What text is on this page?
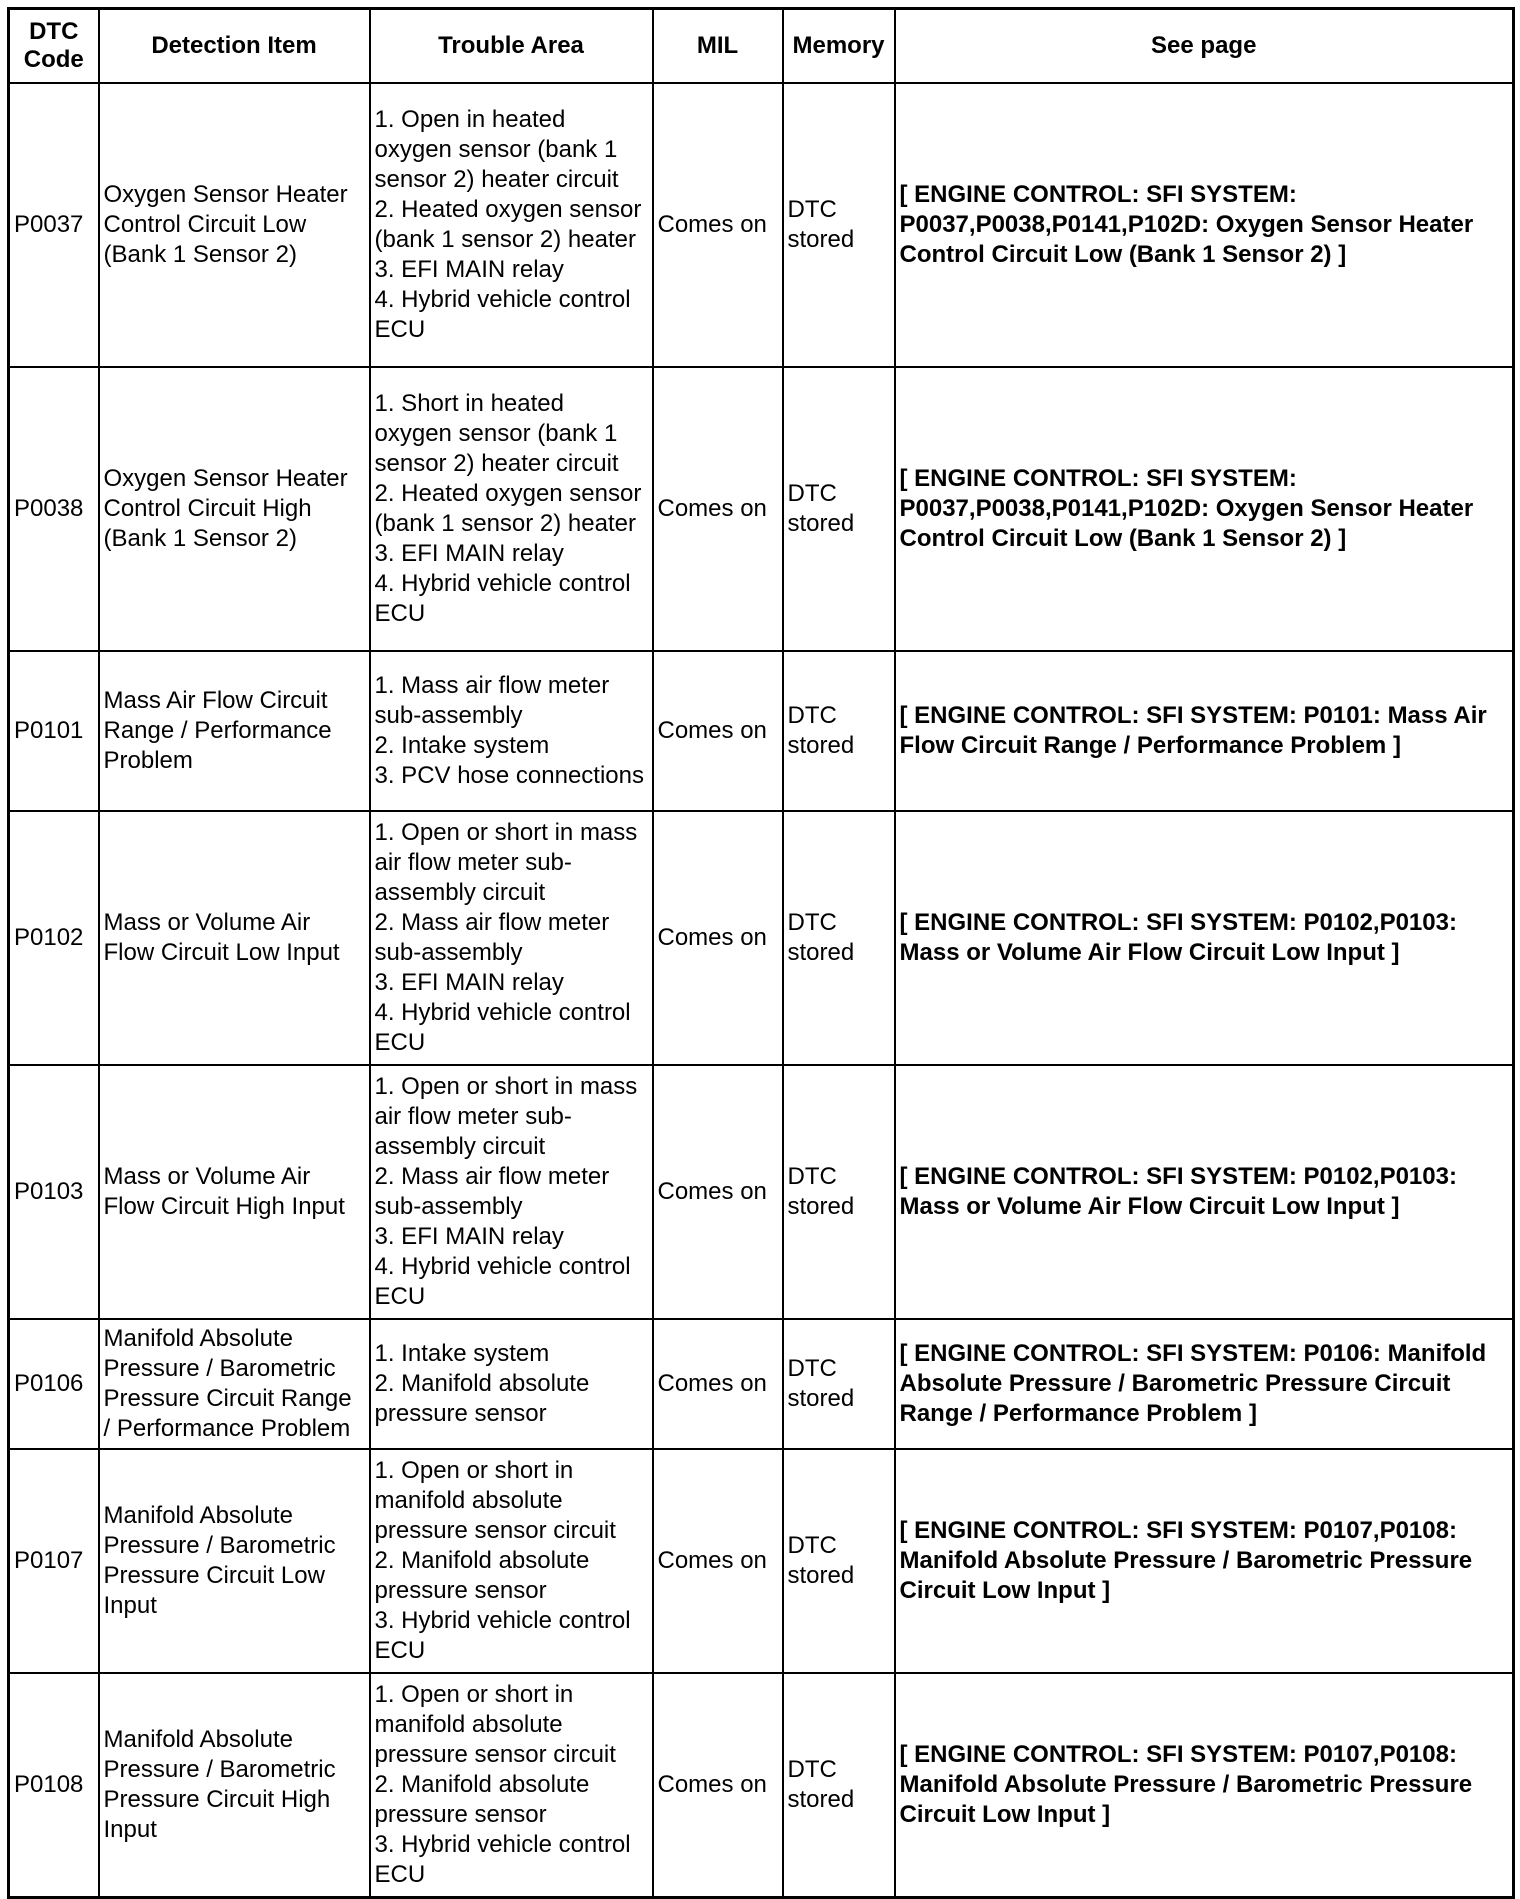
DTC
Code	Detection Item	Trouble Area	MIL	Memory	See page
P0037	Oxygen Sensor Heater Control Circuit Low (Bank 1 Sensor 2)	1. Open in heated oxygen sensor (bank 1 sensor 2) heater circuit
2. Heated oxygen sensor (bank 1 sensor 2) heater
3. EFI MAIN relay
4. Hybrid vehicle control ECU	Comes on	DTC stored	[ ENGINE CONTROL: SFI SYSTEM: P0037,P0038,P0141,P102D: Oxygen Sensor Heater Control Circuit Low (Bank 1 Sensor 2) ]
P0038	Oxygen Sensor Heater Control Circuit High (Bank 1 Sensor 2)	1. Short in heated oxygen sensor (bank 1 sensor 2) heater circuit
2. Heated oxygen sensor (bank 1 sensor 2) heater
3. EFI MAIN relay
4. Hybrid vehicle control ECU	Comes on	DTC stored	[ ENGINE CONTROL: SFI SYSTEM: P0037,P0038,P0141,P102D: Oxygen Sensor Heater Control Circuit Low (Bank 1 Sensor 2) ]
P0101	Mass Air Flow Circuit Range / Performance Problem	1. Mass air flow meter sub-assembly
2. Intake system
3. PCV hose connections	Comes on	DTC stored	[ ENGINE CONTROL: SFI SYSTEM: P0101: Mass Air Flow Circuit Range / Performance Problem ]
P0102	Mass or Volume Air Flow Circuit Low Input	1. Open or short in mass air flow meter sub-assembly circuit
2. Mass air flow meter sub-assembly
3. EFI MAIN relay
4. Hybrid vehicle control ECU	Comes on	DTC stored	[ ENGINE CONTROL: SFI SYSTEM: P0102,P0103: Mass or Volume Air Flow Circuit Low Input ]
P0103	Mass or Volume Air Flow Circuit High Input	1. Open or short in mass air flow meter sub-assembly circuit
2. Mass air flow meter sub-assembly
3. EFI MAIN relay
4. Hybrid vehicle control ECU	Comes on	DTC stored	[ ENGINE CONTROL: SFI SYSTEM: P0102,P0103: Mass or Volume Air Flow Circuit Low Input ]
P0106	Manifold Absolute Pressure / Barometric Pressure Circuit Range / Performance Problem	1. Intake system
2. Manifold absolute pressure sensor	Comes on	DTC stored	[ ENGINE CONTROL: SFI SYSTEM: P0106: Manifold Absolute Pressure / Barometric Pressure Circuit Range / Performance Problem ]
P0107	Manifold Absolute Pressure / Barometric Pressure Circuit Low Input	1. Open or short in manifold absolute pressure sensor circuit
2. Manifold absolute pressure sensor
3. Hybrid vehicle control ECU	Comes on	DTC stored	[ ENGINE CONTROL: SFI SYSTEM: P0107,P0108: Manifold Absolute Pressure / Barometric Pressure Circuit Low Input ]
P0108	Manifold Absolute Pressure / Barometric Pressure Circuit High Input	1. Open or short in manifold absolute pressure sensor circuit
2. Manifold absolute pressure sensor
3. Hybrid vehicle control ECU	Comes on	DTC stored	[ ENGINE CONTROL: SFI SYSTEM: P0107,P0108: Manifold Absolute Pressure / Barometric Pressure Circuit Low Input ]
